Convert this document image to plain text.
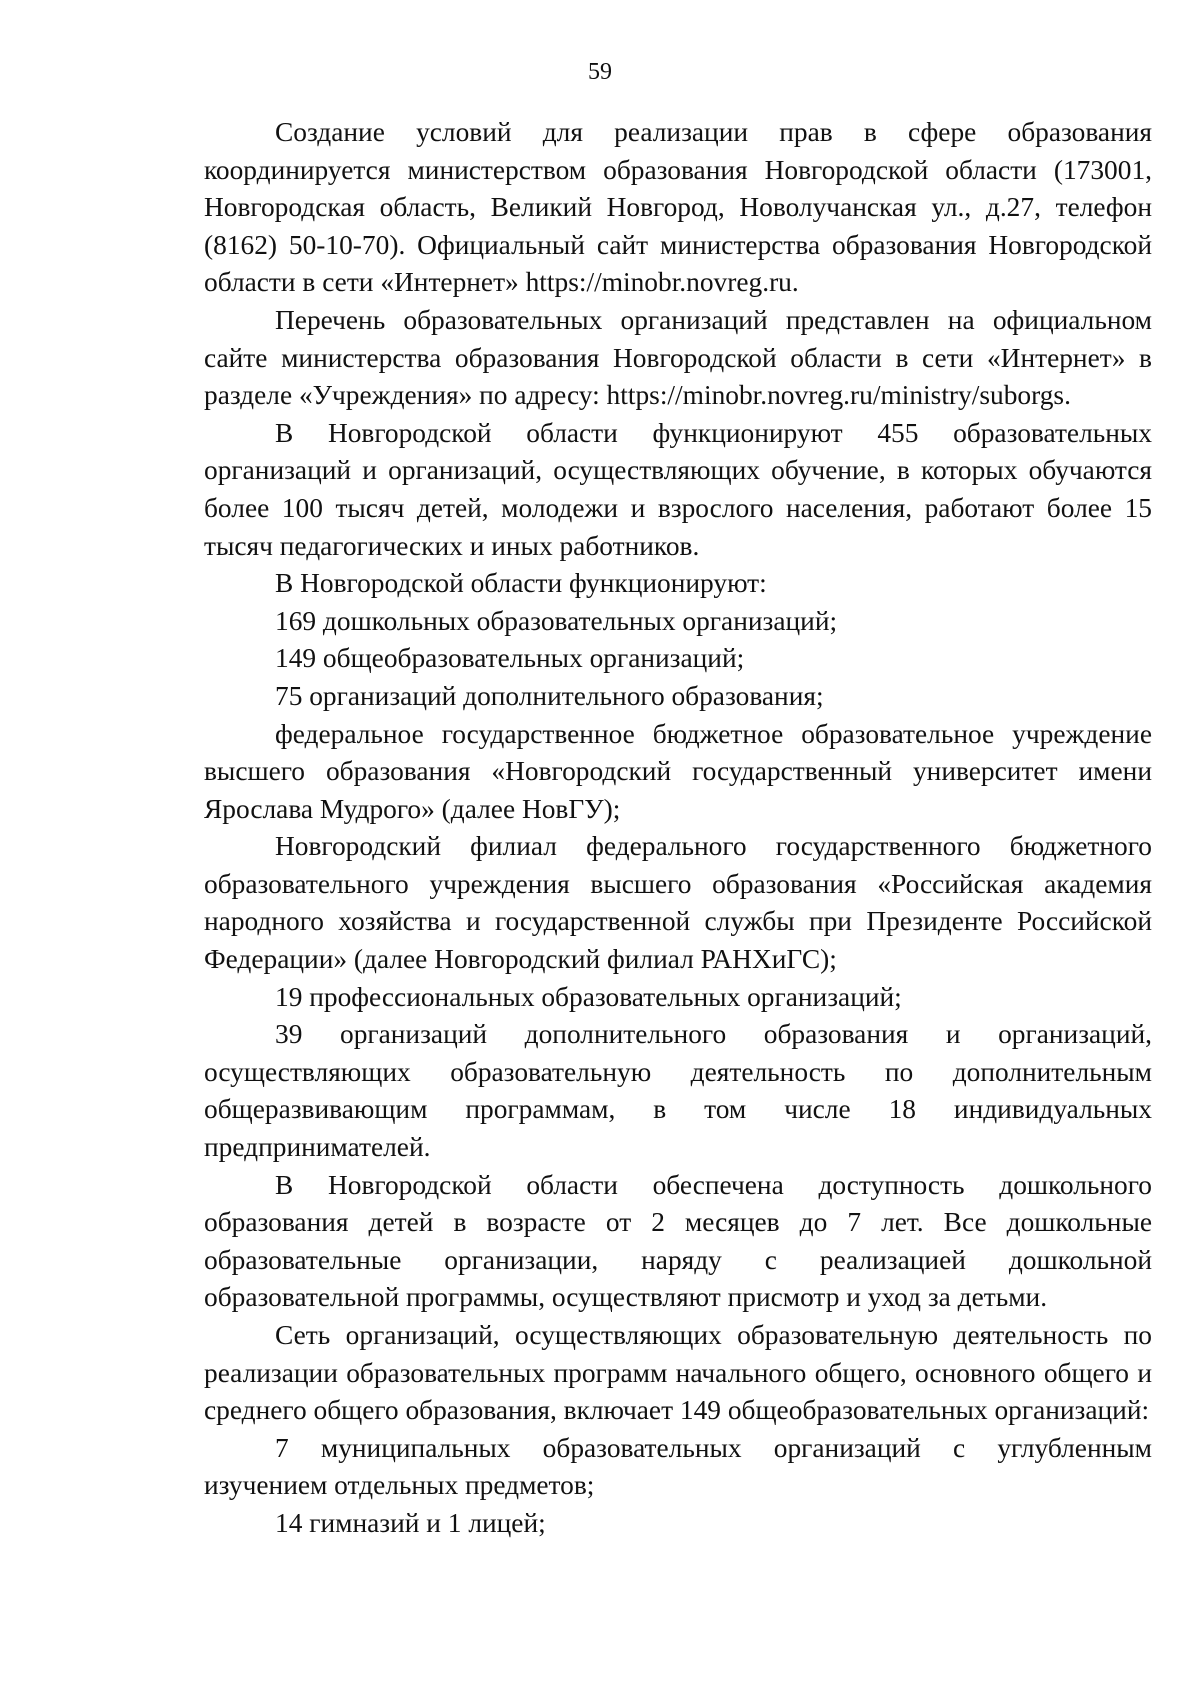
59

Создание условий для реализации прав в сфере образования координируется министерством образования Новгородской области (173001, Новгородская область, Великий Новгород, Новолучанская ул., д.27, телефон (8162) 50-10-70). Официальный сайт министерства образования Новгородской области в сети «Интернет» https://minobr.novreg.ru.

Перечень образовательных организаций представлен на официальном сайте министерства образования Новгородской области в сети «Интернет» в разделе «Учреждения» по адресу: https://minobr.novreg.ru/ministry/suborgs.

В Новгородской области функционируют 455 образовательных организаций и организаций, осуществляющих обучение, в которых обучаются более 100 тысяч детей, молодежи и взрослого населения, работают более 15 тысяч педагогических и иных работников.

В Новгородской области функционируют:

169 дошкольных образовательных организаций;

149 общеобразовательных организаций;

75 организаций дополнительного образования;

федеральное государственное бюджетное образовательное учреждение высшего образования «Новгородский государственный университет имени Ярослава Мудрого» (далее НовГУ);

Новгородский филиал федерального государственного бюджетного образовательного учреждения высшего образования «Российская академия народного хозяйства и государственной службы при Президенте Российской Федерации» (далее Новгородский филиал РАНХиГС);

19 профессиональных образовательных организаций;

39 организаций дополнительного образования и организаций, осуществляющих образовательную деятельность по дополнительным общеразвивающим программам, в том числе 18 индивидуальных предпринимателей.

В Новгородской области обеспечена доступность дошкольного образования детей в возрасте от 2 месяцев до 7 лет. Все дошкольные образовательные организации, наряду с реализацией дошкольной образовательной программы, осуществляют присмотр и уход за детьми.

Сеть организаций, осуществляющих образовательную деятельность по реализации образовательных программ начального общего, основного общего и среднего общего образования, включает 149 общеобразовательных организаций:

7 муниципальных образовательных организаций с углубленным изучением отдельных предметов;

14 гимназий и 1 лицей;
